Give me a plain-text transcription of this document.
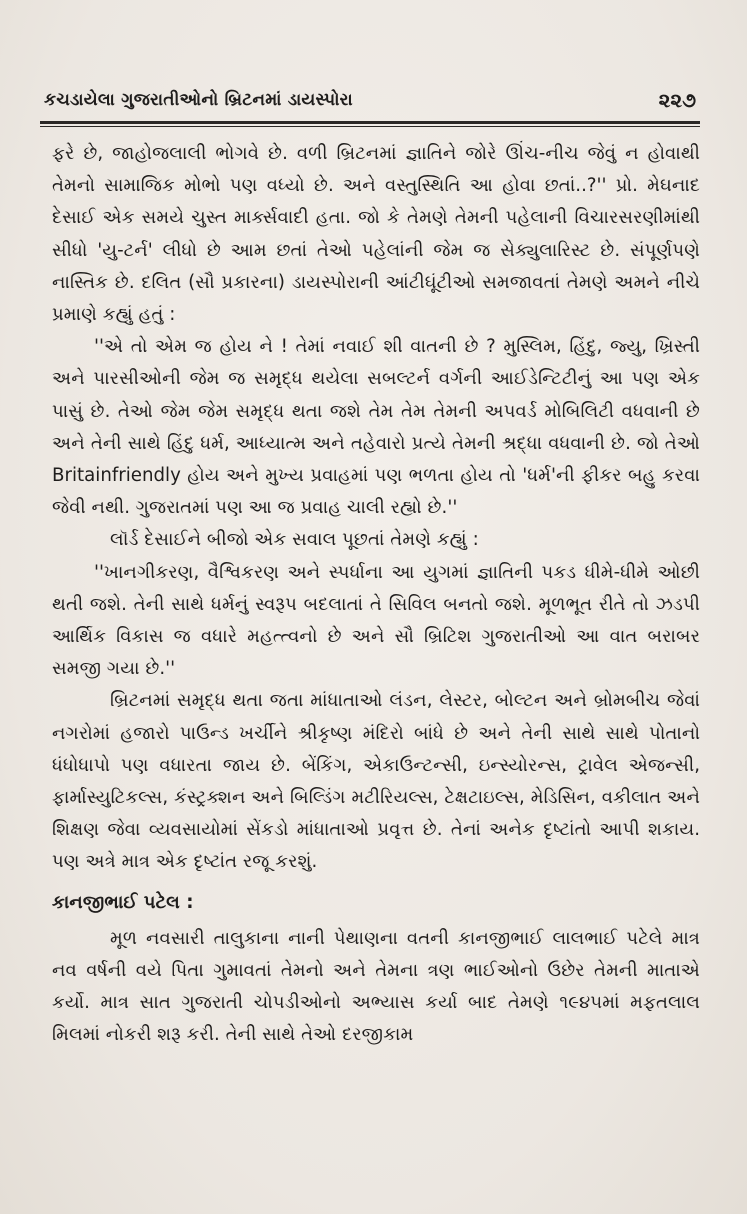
કચડાયેલા ગુજરાતીઓનો બ્રિટનમાં ડાયસ્પોરા	૨૨૭

ફરે છે, જાહોજલાલી ભોગવે છે. વળી બ્રિટનમાં જ્ઞાતિને જોરે ઊંચ-નીચ જેવું ન હોવાથી તેમનો સામાજિક મોભો પણ વધ્યો છે. અને વસ્તુસ્થિતિ આ હોવા છતાં..?'' પ્રો. મેઘનાદ દેસાઈ એક સમયે ચુસ્ત માર્ક્સવાદી હતા. જો કે તેમણે તેમની પહેલાની વિચારસરણીમાંથી સીધો 'યુ-ટર્ન' લીધો છે આમ છતાં તેઓ પહેલાંની જેમ જ સેક્યુલારિસ્ટ છે. સંપૂર્ણપણે નાસ્તિક છે. દલિત (સૌ પ્રકારના) ડાયસ્પોરાની આંટીઘૂંટીઓ સમજાવતાં તેમણે અમને નીચે પ્રમાણે કહ્યું હતું :

''એ તો એમ જ હોય ને ! તેમાં નવાઈ શી વાતની છે ? મુસ્લિમ, હિંદુ, જ્યુ, ખ્રિસ્તી અને પારસીઓની જેમ જ સમૃદ્ધ થયેલા સબલ્ટર્ન વર્ગની આઈડેન્ટિટીનું આ પણ એક પાસું છે. તેઓ જેમ જેમ સમૃદ્ધ થતા જશે તેમ તેમ તેમની અપવર્ડ મોબિલિટી વધવાની છે અને તેની સાથે હિંદુ ધર્મ, આધ્યાત્મ અને તહેવારો પ્રત્યે તેમની શ્રદ્ધા વધવાની છે. જો તેઓ Britainfriendly હોય અને મુખ્ય પ્રવાહમાં પણ ભળતા હોય તો 'ધર્મ'ની ફીકર બહુ કરવા જેવી નથી. ગુજરાતમાં પણ આ જ પ્રવાહ ચાલી રહ્યો છે.''

લૉર્ડ દેસાઈને બીજો એક સવાલ પૂછતાં તેમણે કહ્યું :

''ખાનગીકરણ, વૈશ્વિકરણ અને સ્પર્ધાના આ યુગમાં જ્ઞાતિની પકડ ધીમે-ધીમે ઓછી થતી જશે. તેની સાથે ધર્મનું સ્વરૂપ બદલાતાં તે સિવિલ બનતો જશે. મૂળભૂત રીતે તો ઝડપી આર્થિક વિકાસ જ વધારે મહત્ત્વનો છે અને સૌ બ્રિટિશ ગુજરાતીઓ આ વાત બરાબર સમજી ગયા છે.''

બ્રિટનમાં સમૃદ્ધ થતા જતા માંધાતાઓ લંડન, લેસ્ટર, બોલ્ટન અને બ્રોમબીચ જેવાં નગરોમાં હજારો પાઉન્ડ ખર્ચીને શ્રીકૃષ્ણ મંદિરો બાંધે છે અને તેની સાથે સાથે પોતાનો ધંધોધાપો પણ વધારતા જાય છે. બેંકિંગ, એકાઉન્ટન્સી, ઇન્સ્યોરન્સ, ટ્રાવેલ એજન્સી, ફાર્માસ્યુટિકલ્સ, કંસ્ટ્રક્શન અને બિલ્ડિંગ મટીરિયલ્સ, ટેક્ષટાઇલ્સ, મેડિસિન, વકીલાત અને શિક્ષણ જેવા વ્યવસાયોમાં સેંકડો માંધાતાઓ પ્રવૃત્ત છે. તેનાં અનેક દૃષ્ટાંતો આપી શકાય. પણ અત્રે માત્ર એક દૃષ્ટાંત રજૂ કરશું.

કાનજીભાઈ પટેલ :

મૂળ નવસારી તાલુકાના નાની પેથાણના વતની કાનજીભાઈ લાલભાઈ પટેલે માત્ર નવ વર્ષની વયે પિતા ગુમાવતાં તેમનો અને તેમના ત્રણ ભાઈઓનો ઉછેર તેમની માતાએ કર્યો. માત્ર સાત ગુજરાતી ચોપડીઓનો અભ્યાસ કર્યા બાદ તેમણે ૧૯૪૫માં મફતલાલ મિલમાં નોકરી શરૂ કરી. તેની સાથે તેઓ દરજીકામ
